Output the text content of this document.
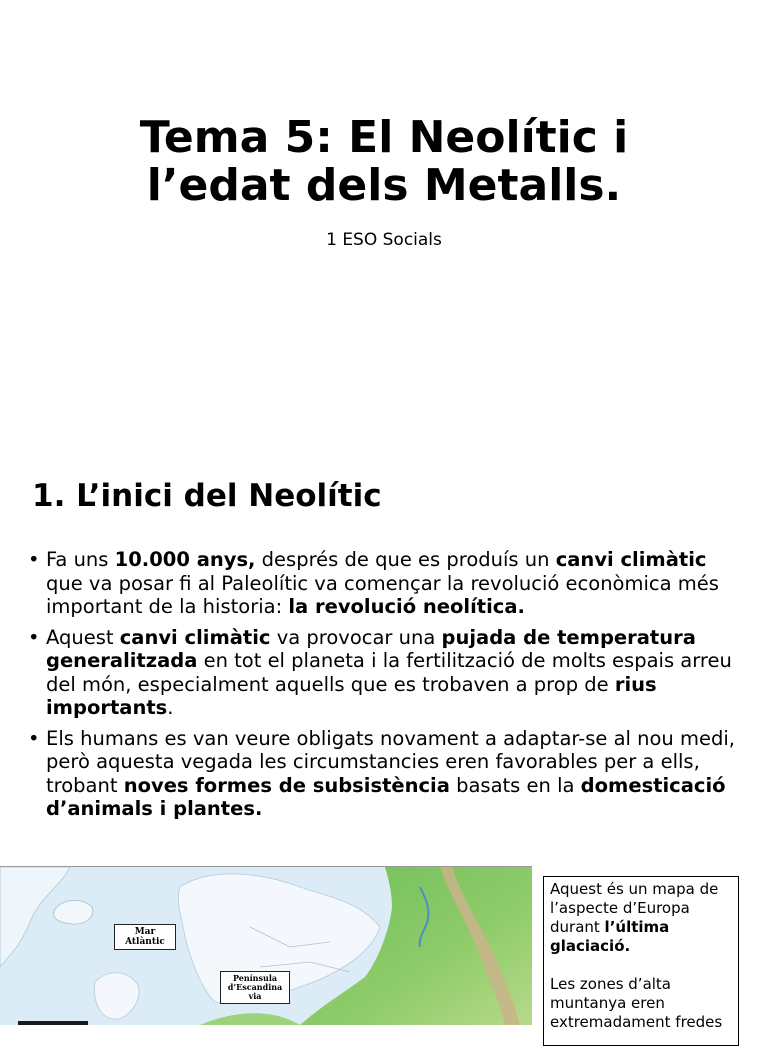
Tema 5: El Neolític i
l’edat dels Metalls.
1 ESO Socials
1. L’inici del Neolític
• Fa uns 10.000 anys, després de que es produís un canvi climàtic que va posar fi al Paleolític va començar la revolució econòmica més important de la historia: la revolució neolítica.
• Aquest canvi climàtic va provocar una pujada de temperatura generalitzada en tot el planeta i la fertilització de molts espais arreu del món, especialment aquells que es trobaven a prop de rius importants.
• Els humans es van veure obligats novament a adaptar-se al nou medi, però aquesta vegada les circumstancies eren favorables per a ells, trobant noves formes de subsistència basats en la domesticació d’animals i plantes.
Mar
Atlàntic
Península
d’Escandina
via

Aquest és un mapa de l’aspecte d’Europa durant l’última glaciació.

Les zones d’alta muntanya eren extremadament fredes
